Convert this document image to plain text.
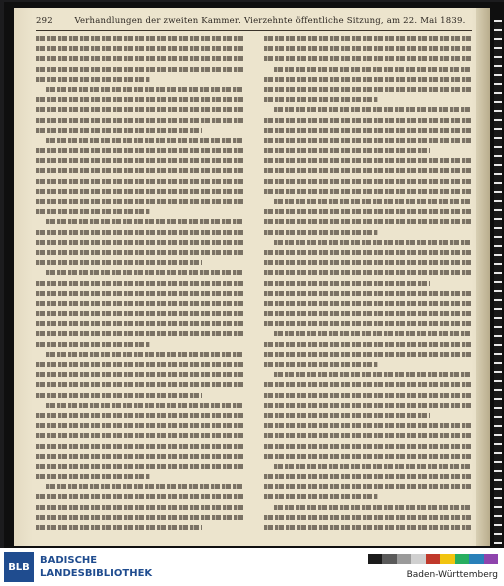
292	Verhandlungen der zweiten Kammer. Vierzehnte öffentliche Sitzung, am 22. Mai 1839.
BLB
BADISCHE
LANDESBIBLIOTHEK	Baden-Württemberg
